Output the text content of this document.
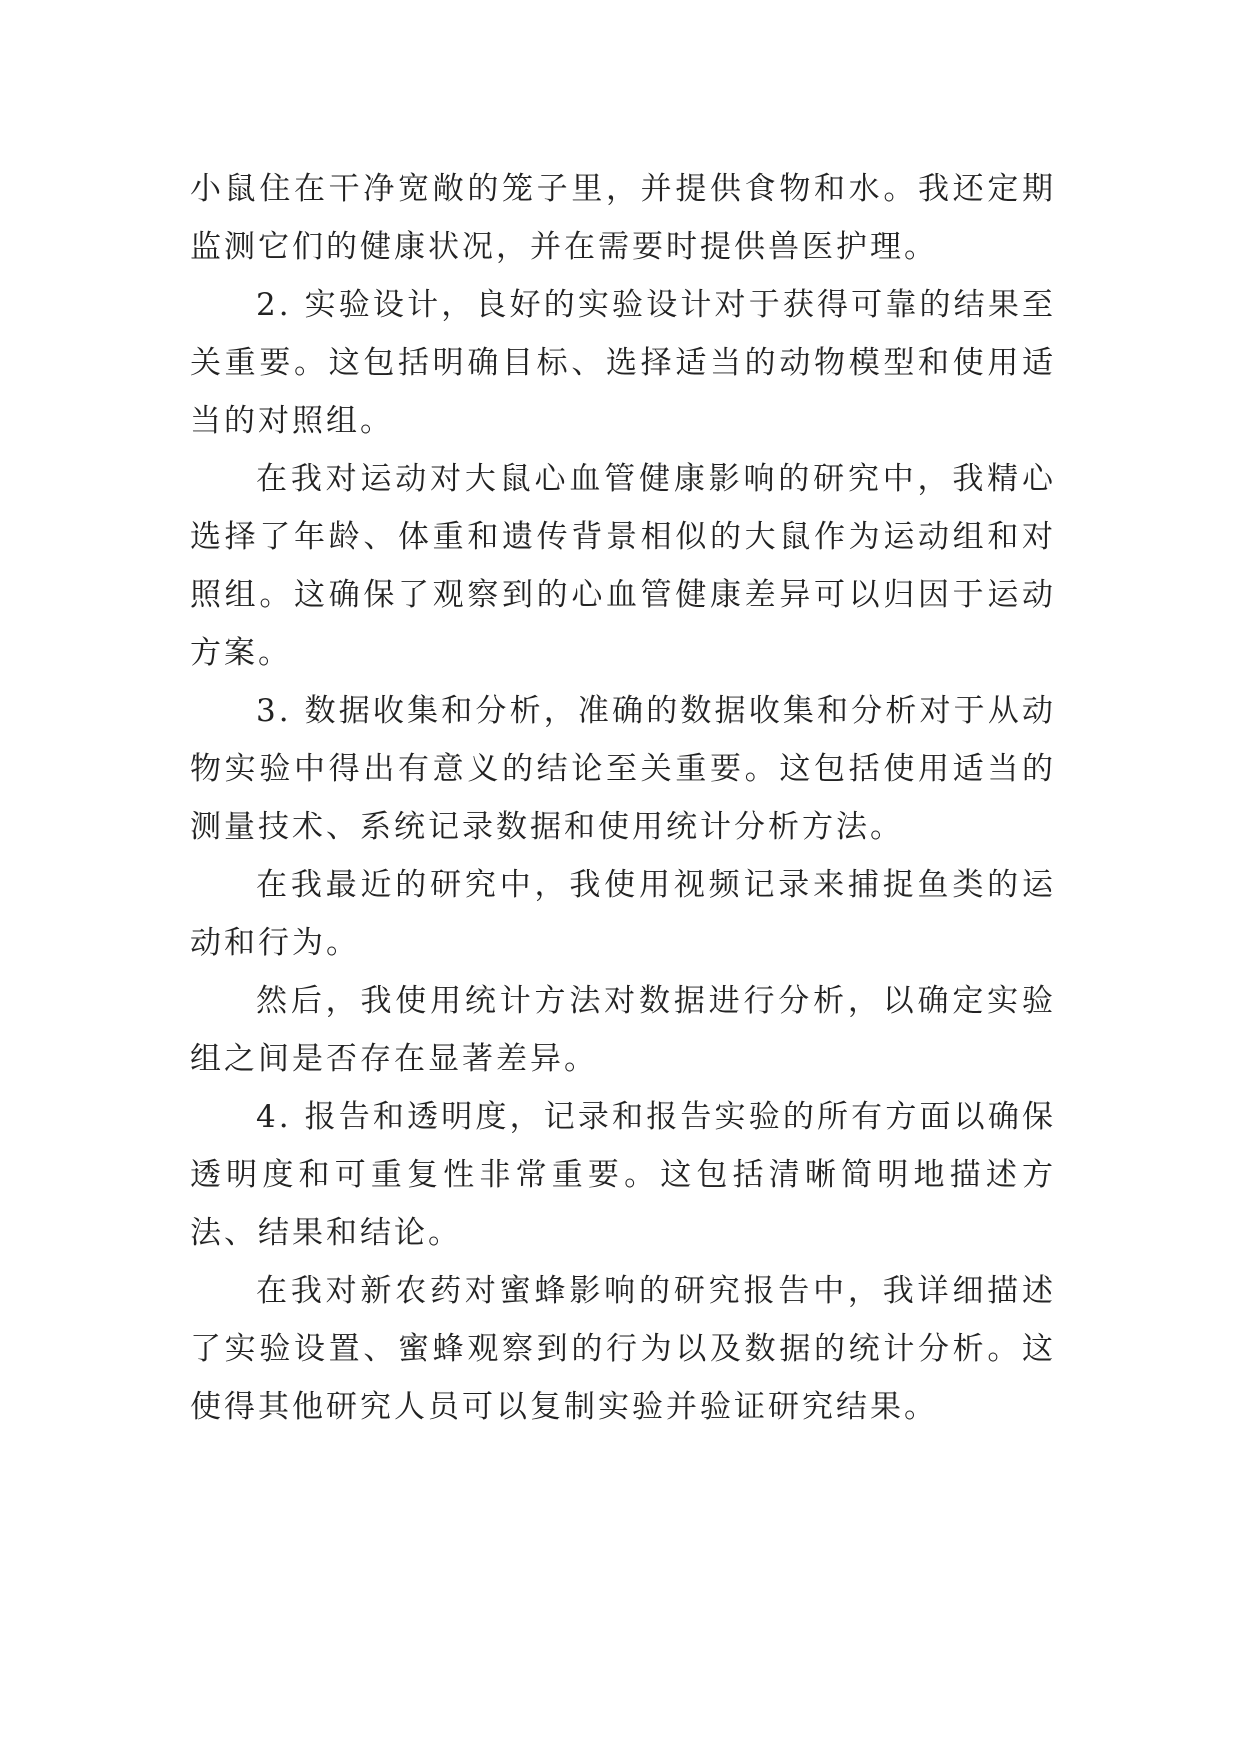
小鼠住在干净宽敞的笼子里，并提供食物和水。我还定期监测它们的健康状况，并在需要时提供兽医护理。

2. 实验设计，良好的实验设计对于获得可靠的结果至关重要。这包括明确目标、选择适当的动物模型和使用适当的对照组。

在我对运动对大鼠心血管健康影响的研究中，我精心选择了年龄、体重和遗传背景相似的大鼠作为运动组和对照组。这确保了观察到的心血管健康差异可以归因于运动方案。

3. 数据收集和分析，准确的数据收集和分析对于从动物实验中得出有意义的结论至关重要。这包括使用适当的测量技术、系统记录数据和使用统计分析方法。

在我最近的研究中，我使用视频记录来捕捉鱼类的运动和行为。

然后，我使用统计方法对数据进行分析，以确定实验组之间是否存在显著差异。

4. 报告和透明度，记录和报告实验的所有方面以确保透明度和可重复性非常重要。这包括清晰简明地描述方法、结果和结论。

在我对新农药对蜜蜂影响的研究报告中，我详细描述了实验设置、蜜蜂观察到的行为以及数据的统计分析。这使得其他研究人员可以复制实验并验证研究结果。
